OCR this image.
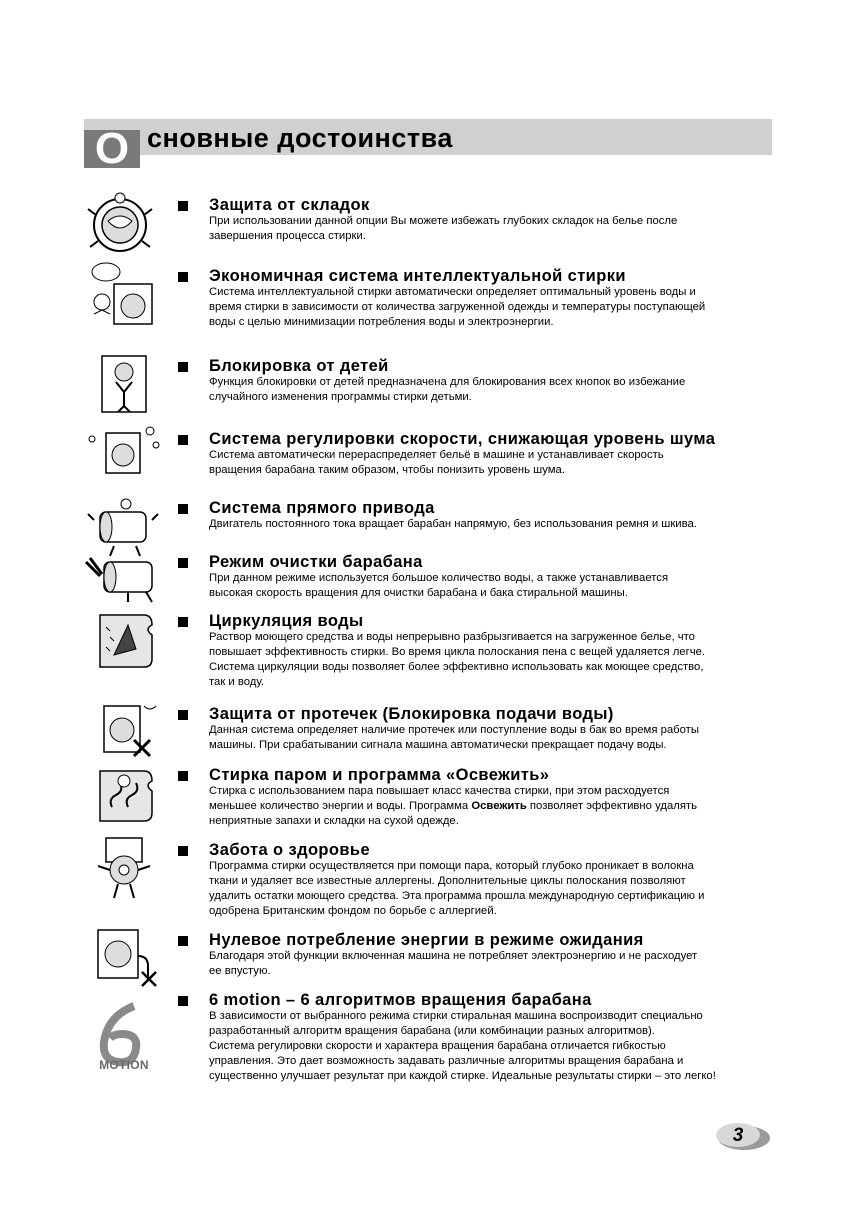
О сновные достоинства
Защита от складок
При использовании данной опции Вы можете избежать глубоких складок на белье после
завершения процесса стирки.
Экономичная система интеллектуальной стирки
Система интеллектуальной стирки автоматически определяет оптимальный уровень воды и
время стирки в зависимости от количества загруженной одежды и температуры поступающей
воды с целью минимизации потребления воды и электроэнергии.
Блокировка от детей
Функция блокировки от детей предназначена для блокирования всех кнопок во избежание
случайного изменения программы стирки детьми.
Система регулировки скорости, снижающая уровень шума
Система автоматически перераспределяет бельё в машине и устанавливает скорость
вращения барабана таким образом, чтобы понизить уровень шума.
Система прямого привода
Двигатель постоянного тока вращает барабан напрямую, без использования ремня и шкива.
Режим очистки барабана
При данном режиме используется большое количество воды, а также устанавливается
высокая скорость вращения для очистки барабана и бака стиральной машины.
Циркуляция воды
Раствор моющего средства и воды непрерывно разбрызгивается на загруженное белье, что
повышает эффективность стирки. Во время цикла полоскания пена с вещей удаляется легче.
Система циркуляции воды позволяет более эффективно использовать как моющее средство,
так и воду.
Защита от протечек (Блокировка подачи воды)
Данная система определяет наличие протечек или поступление воды в бак во время работы
машины. При срабатывании сигнала машина автоматически прекращает подачу воды.
Стирка паром и программа «Освежить»
Стирка с использованием пара повышает класс качества стирки, при этом расходуется
меньшее количество энергии и воды. Программа Освежить позволяет эффективно удалять
неприятные запахи и складки на сухой одежде.
Забота о здоровье
Программа стирки осуществляется при помощи пара, который глубоко проникает в волокна
ткани и удаляет все известные аллергены. Дополнительные циклы полоскания позволяют
удалить остатки моющего средства. Эта программа прошла международную сертификацию и
одобрена Британским фондом по борьбе с аллергией.
Нулевое потребление энергии в режиме ожидания
Благодаря этой функции включенная машина не потребляет электроэнергию и не расходует
ее впустую.
MOTION
6 motion – 6 алгоритмов вращения барабана
В зависимости от выбранного режима стирки стиральная машина воспроизводит специально
разработанный алгоритм вращения барабана (или комбинации разных алгоритмов).
Система регулировки скорости и характера вращения барабана отличается гибкостью
управления. Это дает возможность задавать различные алгоритмы вращения барабана и
существенно улучшает результат при каждой стирке. Идеальные результаты стирки – это легко!
3
